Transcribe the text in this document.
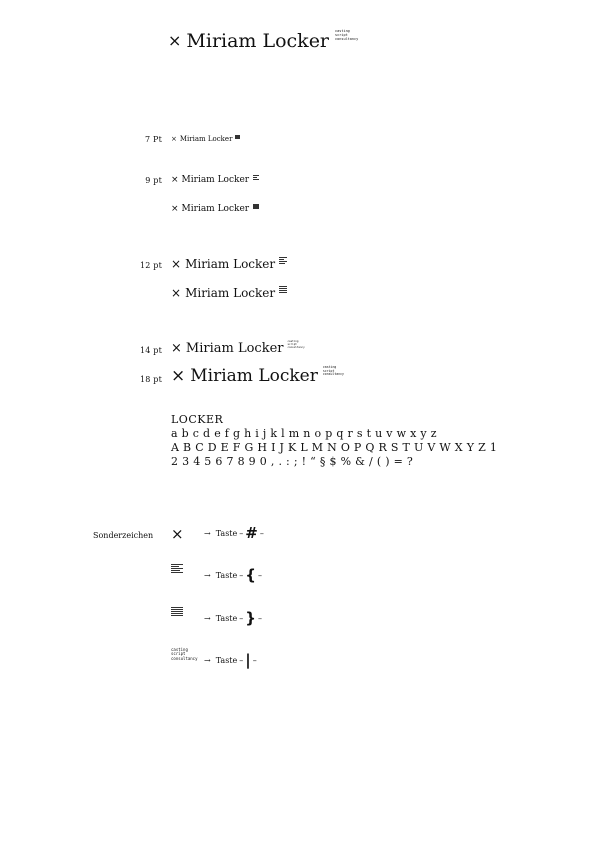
× Miriam Locker casting
script
consultancy
7 Pt × Miriam Locker
9 pt × Miriam Locker
× Miriam Locker
12 pt × Miriam Locker
× Miriam Locker
14 pt × Miriam Locker casting
script
consultancy
18 pt × Miriam Locker casting
script
consultancy
LOCKER
a b c d e f g h i j k l m n o p q r s t u v w x y z
A B C D E F G H I J K L M N O P Q R S T U V W X Y Z 1
2 3 4 5 6 7 8 9 0 , . : ; ! “ § $ % & / ( ) = ?
Sonderzeichen ×	→ Taste – # –
→ Taste – { –
→ Taste – } –
casting
script
consultancy → Taste – | –
